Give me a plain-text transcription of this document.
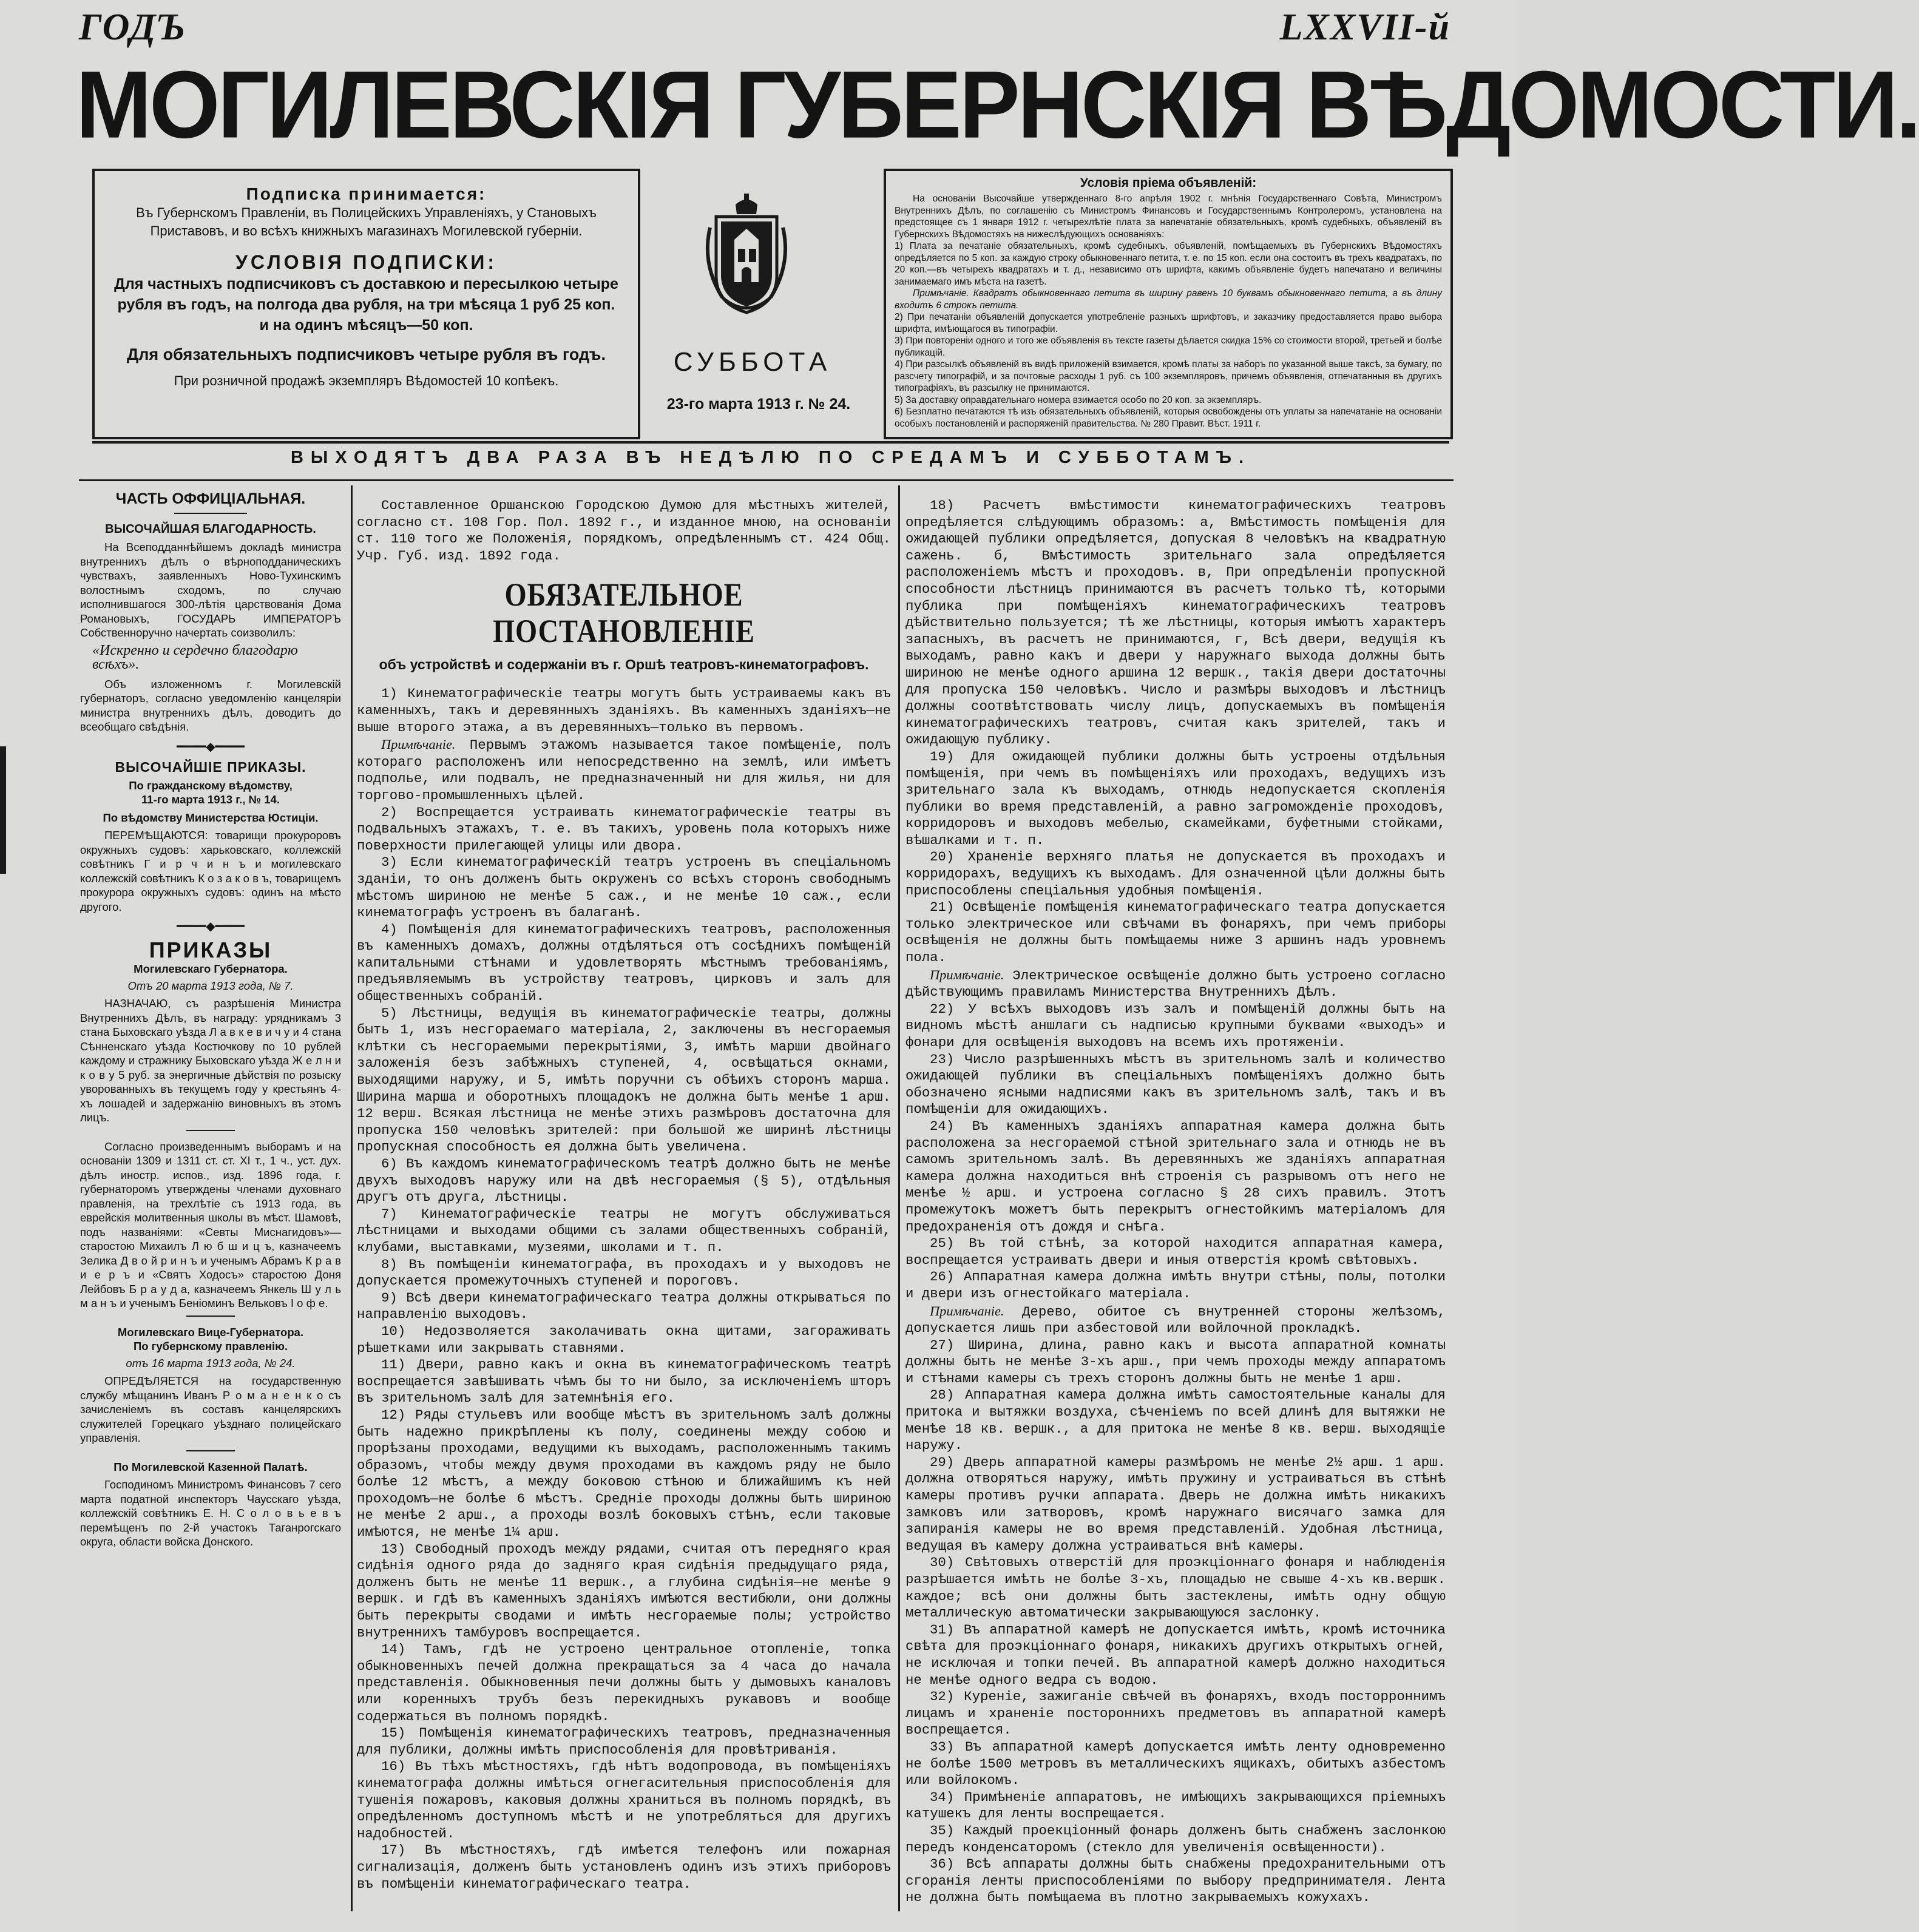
ГОДЪ	LXXVII-й
МОГИЛЕВСКІЯ ГУБЕРНСКІЯ ВѢДОМОСТИ.

Подписка принимается:

Въ Губернскомъ Правленіи, въ Полицейскихъ Управленіяхъ, у Становыхъ Приставовъ, и во всѣхъ книжныхъ магазинахъ Могилевской губерніи.

УСЛОВІЯ ПОДПИСКИ:

Для частныхъ подписчиковъ съ доставкою и пересылкою четыре рубля въ годъ, на полгода два рубля, на три мѣсяца 1 руб 25 коп. и на одинъ мѣсяцъ—50 коп.

Для обязательныхъ подписчиковъ четыре рубля въ годъ.

При розничной продажѣ экземпляръ Вѣдомостей 10 копѣекъ.

СУББОТА
23-го марта 1913 г. № 24.
Условія пріема объявленій:
На основаніи Высочайше утвержденнаго 8-го апрѣля 1902 г. мнѣнія Государственнаго Совѣта, Министромъ Внутреннихъ Дѣлъ, по соглашенію съ Министромъ Финансовъ и Государственнымъ Контролеромъ, установлена на предстоящее съ 1 января 1912 г. четырехлѣтіе плата за напечатаніе обязательныхъ, кромѣ судебныхъ, объявленій въ Губернскихъ Вѣдомостяхъ на нижеслѣдующихъ основаніяхъ:
1) Плата за печатаніе обязательныхъ, кромѣ судебныхъ, объявленій, помѣщаемыхъ въ Губернскихъ Вѣдомостяхъ опредѣляется по 5 коп. за каждую строку обыкновеннаго петита, т. е. по 15 коп. если она состоитъ въ трехъ квадратахъ, по 20 коп.—въ четырехъ квадратахъ и т. д., независимо отъ шрифта, какимъ объявленіе будетъ напечатано и величины занимаемаго имъ мѣста на газетѣ.
Примѣчаніе. Квадратъ обыкновеннаго петита въ ширину равенъ 10 буквамъ обыкновеннаго петита, а въ длину входитъ 6 строкъ петита.
2) При печатаніи объявленій допускается употребленіе разныхъ шрифтовъ, и заказчику предоставляется право выбора шрифта, имѣющагося въ типографіи.
3) При повтореніи одного и того же объявленія въ тексте газеты дѣлается скидка 15% со стоимости второй, третьей и болѣе публикацій.
4) При разсылкѣ объявленій въ видѣ приложеній взимается, кромѣ платы за наборъ по указанной выше таксѣ, за бумагу, по разсчету типографій, и за почтовые расходы 1 руб. съ 100 экземпляровъ, причемъ объявленія, отпечатанныя въ другихъ типографіяхъ, въ разсылку не принимаются.
5) За доставку оправдательнаго номера взимается особо по 20 коп. за экземпляръ.
6) Безплатно печатаются тѣ изъ обязательныхъ объявленій, которыя освобождены отъ уплаты за напечатаніе на основаніи особыхъ постановленій и распоряженій правительства. № 280 Правит. Вѣст. 1911 г.
ВЫХОДЯТЪ ДВА РАЗА ВЪ НЕДѢЛЮ ПО СРЕДАМЪ И СУББОТАМЪ.

ЧАСТЬ ОФФИЦІАЛЬНАЯ.

ВЫСОЧАЙШАЯ БЛАГОДАРНОСТЬ.

На Всеподданнѣйшемъ докладѣ министра внутреннихъ дѣлъ о вѣрноподданическихъ чувствахъ, заявленныхъ Ново-Тухинскимъ волостнымъ сходомъ, по случаю исполнившагося 300-лѣтія царствованія Дома Романовыхъ, ГОСУДАРЬ ИМПЕРАТОРЪ Собственноручно начертать соизволилъ:

«Искренно и сердечно благодарю всѣхъ».

Объ изложенномъ г. Могилевскій губернаторъ, согласно уведомленію канцеляріи министра внутреннихъ дѣлъ, доводитъ до всеобщаго свѣдѣнія.

━━━━◆━━━━

ВЫСОЧАЙШІЕ ПРИКАЗЫ.

По гражданскому вѣдомству,

11-го марта 1913 г., № 14.

По вѣдомству Министерства Юстиціи.

ПЕРЕМѢЩАЮТСЯ: товарищи прокуроровъ окружныхъ судовъ: харьковскаго, коллежскій совѣтникъ Г и р ч и н ъ и могилевскаго коллежскій совѣтникъ К о з а к о в ъ, товарищемъ прокурора окружныхъ судовъ: одинъ на мѣсто другого.

━━━━◆━━━━

ПРИКАЗЫ

Могилевскаго Губернатора.

Отъ 20 марта 1913 года, № 7.

НАЗНАЧАЮ, съ разрѣшенія Министра Внутреннихъ Дѣлъ, въ награду: урядникамъ 3 стана Быховскаго уѣзда Л а в к е в и ч у и 4 стана Сѣнненскаго уѣзда Костючкову по 10 рублей каждому и стражнику Быховскаго уѣзда Ж е л н и к о в у 5 руб. за энергичные дѣйствія по розыску уворованныхъ въ текущемъ году у крестьянъ 4-хъ лошадей и задержанію виновныхъ въ этомъ лицъ.

Согласно произведеннымъ выборамъ и на основаніи 1309 и 1311 ст. ст. XI т., 1 ч., уст. дух. дѣлъ иностр. испов., изд. 1896 года, г. губернаторомъ утверждены членами духовнаго правленія, на трехлѣтіе съ 1913 года, въ еврейскія молитвенныя школы въ мѣст. Шамовѣ, подъ названіями: «Севты Миснагидовъ»—старостою Михаилъ Л ю б ш и ц ъ, казначеемъ Зелика Д в о й р и н ъ и ученымъ Абрамъ К р а в и е р ъ и «Святъ Ходосъ» старостою Доня Лейбовъ Б р а у д а, казначеемъ Янкель Ш у л ь м а н ъ и ученымъ Беніоминъ Вельковъ I о ф е.

Могилевскаго Вице-Губернатора.

По губернскому правленію.

отъ 16 марта 1913 года, № 24.

ОПРЕДѢЛЯЕТСЯ на государственную службу мѣщанинъ Иванъ Р о м а н е н к о съ зачисленіемъ въ составъ канцелярскихъ служителей Горецкаго уѣзднаго полицейскаго управленія.

По Могилевской Казенной Палатѣ.

Господиномъ Министромъ Финансовъ 7 сего марта податной инспекторъ Чаусскаго уѣзда, коллежскій совѣтникъ Е. Н. С о л о в ь е в ъ перемѣщенъ по 2-й участокъ Таганрогскаго округа, области войска Донского.

Составленное Оршанскою Городскою Думою для мѣстныхъ жителей, согласно ст. 108 Гор. Пол. 1892 г., и изданное мною, на основаніи ст. 110 того же Положенія, порядкомъ, опредѣленнымъ ст. 424 Общ. Учр. Губ. изд. 1892 года.

ОБЯЗАТЕЛЬНОЕ ПОСТАНОВЛЕНІЕ

объ устройствѣ и содержаніи въ г. Оршѣ театровъ-кинематографовъ.

1) Кинематографическіе театры могутъ быть устраиваемы какъ въ каменныхъ, такъ и деревянныхъ зданіяхъ. Въ каменныхъ зданіяхъ—не выше второго этажа, а въ деревянныхъ—только въ первомъ.

Примѣчаніе. Первымъ этажомъ называется такое помѣщеніе, полъ котораго расположенъ или непосредственно на землѣ, или имѣетъ подполье, или подвалъ, не предназначенный ни для жилья, ни для торгово-промышленныхъ цѣлей.

2) Воспрещается устраивать кинематографическіе театры въ подвальныхъ этажахъ, т. е. въ такихъ, уровень пола которыхъ ниже поверхности прилегающей улицы или двора.

3) Если кинематографическій театръ устроенъ въ спеціальномъ зданіи, то онъ долженъ быть окруженъ со всѣхъ сторонъ свободнымъ мѣстомъ шириною не менѣе 5 саж., и не менѣе 10 саж., если кинематографъ устроенъ въ балаганѣ.

4) Помѣщенія для кинематографическихъ театровъ, расположенныя въ каменныхъ домахъ, должны отдѣляться отъ сосѣднихъ помѣщеній капитальными стѣнами и удовлетворять мѣстнымъ требованіямъ, предъявляемымъ въ устройству театровъ, цирковъ и залъ для общественныхъ собраній.

5) Лѣстницы, ведущія въ кинематографическіе театры, должны быть 1, изъ несгораемаго матеріала, 2, заключены въ несгораемыя клѣтки съ несгораемыми перекрытіями, 3, имѣть марши двойнаго заложенія безъ забѣжныхъ ступеней, 4, освѣщаться окнами, выходящими наружу, и 5, имѣть поручни съ обѣихъ сторонъ марша. Ширина марша и оборотныхъ площадокъ не должна быть менѣе 1 арш. 12 верш. Всякая лѣстница не менѣе этихъ размѣровъ достаточна для пропуска 150 человѣкъ зрителей: при большой же ширинѣ лѣстницы пропускная способность ея должна быть увеличена.

6) Въ каждомъ кинематографическомъ театрѣ должно быть не менѣе двухъ выходовъ наружу или на двѣ несгораемыя (§ 5), отдѣльныя другъ отъ друга, лѣстницы.

7) Кинематографическіе театры не могутъ обслуживаться лѣстницами и выходами общими съ залами общественныхъ собраній, клубами, выставками, музеями, школами и т. п.

8) Въ помѣщеніи кинематографа, въ проходахъ и у выходовъ не допускается промежуточныхъ ступеней и пороговъ.

9) Всѣ двери кинематографическаго театра должны открываться по направленію выходовъ.

10) Недозволяется заколачивать окна щитами, загораживать рѣшетками или закрывать ставнями.

11) Двери, равно какъ и окна въ кинематографическомъ театрѣ воспрещается завѣшивать чѣмъ бы то ни было, за исключеніемъ шторъ въ зрительномъ залѣ для затемнѣнія его.

12) Ряды стульевъ или вообще мѣстъ въ зрительномъ залѣ должны быть надежно прикрѣплены къ полу, соединены между собою и прорѣзаны проходами, ведущими къ выходамъ, расположеннымъ такимъ образомъ, чтобы между двумя проходами въ каждомъ ряду не было болѣе 12 мѣстъ, а между боковою стѣною и ближайшимъ къ ней проходомъ—не болѣе 6 мѣстъ. Среднiе проходы должны быть шириною не менѣе 2 арш., а проходы возлѣ боковыхъ стѣнъ, если таковые имѣются, не менѣе 1¼ арш.

13) Свободный проходъ между рядами, считая отъ передняго края сидѣнія одного ряда до задняго края сидѣнія предыдущаго ряда, долженъ быть не менѣе 11 вершк., а глубина сидѣнія—не менѣе 9 вершк. и гдѣ въ каменныхъ зданіяхъ имѣются вестибюли, они должны быть перекрыты сводами и имѣть несгораемые полы; устройство внутреннихъ тамбуровъ воспрещается.

14) Тамъ, гдѣ не устроено центральное отопленіе, топка обыкновенныхъ печей должна прекращаться за 4 часа до начала представленія. Обыкновенныя печи должны быть у дымовыхъ каналовъ или коренныхъ трубъ безъ перекидныхъ рукавовъ и вообще содержаться въ полномъ порядкѣ.

15) Помѣщенія кинематографическихъ театровъ, предназначенныя для публики, должны имѣть приспособленія для провѣтриванія.

16) Въ тѣхъ мѣстностяхъ, гдѣ нѣтъ водопровода, въ помѣщеніяхъ кинематографа должны имѣться огнегасительныя приспособленія для тушенія пожаровъ, каковыя должны храниться въ полномъ порядкѣ, въ опредѣленномъ доступномъ мѣстѣ и не употребляться для другихъ надобностей.

17) Въ мѣстностяхъ, гдѣ имѣется телефонъ или пожарная сигнализація, долженъ быть установленъ одинъ изъ этихъ приборовъ въ помѣщеніи кинематографическаго театра.

18) Расчетъ вмѣстимости кинематографическихъ театровъ опредѣляется слѣдующимъ образомъ: а, Вмѣстимость помѣщенія для ожидающей публики опредѣляется, допуская 8 человѣкъ на квадратную сажень. б, Вмѣстимость зрительнаго зала опредѣляется расположеніемъ мѣстъ и проходовъ. в, При опредѣленіи пропускной способности лѣстницъ принимаются въ расчетъ только тѣ, которыми публика при помѣщеніяхъ кинематографическихъ театровъ дѣйствительно пользуется; тѣ же лѣстницы, которыя имѣютъ характеръ запасныхъ, въ расчетъ не принимаются, г, Всѣ двери, ведущія къ выходамъ, равно какъ и двери у наружнаго выхода должны быть шириною не менѣе одного аршина 12 вершк., такія двери достаточны для пропуска 150 человѣкъ. Число и размѣры выходовъ и лѣстницъ должны соотвѣтствовать числу лицъ, допускаемыхъ въ помѣщенія кинематографическихъ театровъ, считая какъ зрителей, такъ и ожидающую публику.

19) Для ожидающей публики должны быть устроены отдѣльныя помѣщенія, при чемъ въ помѣщеніяхъ или проходахъ, ведущихъ изъ зрительнаго зала къ выходамъ, отнюдь недопускается скопленія публики во время представленій, а равно загроможденіе проходовъ, корридоровъ и выходовъ мебелью, скамейками, буфетными стойками, вѣшалками и т. п.

20) Храненіе верхняго платья не допускается въ проходахъ и корридорахъ, ведущихъ къ выходамъ. Для означенной цѣли должны быть приспособлены спеціальныя удобныя помѣщенія.

21) Освѣщеніе помѣщенія кинематографическаго театра допускается только электрическое или свѣчами въ фонаряхъ, при чемъ приборы освѣщенія не должны быть помѣщаемы ниже 3 аршинъ надъ уровнемъ пола.

Примѣчаніе. Электрическое освѣщеніе должно быть устроено согласно дѣйствующимъ правиламъ Министерства Внутреннихъ Дѣлъ.

22) У всѣхъ выходовъ изъ залъ и помѣщеній должны быть на видномъ мѣстѣ аншлаги съ надписью крупными буквами «выходъ» и фонари для освѣщенія выходовъ на всемъ ихъ протяженіи.

23) Число разрѣшенныхъ мѣстъ въ зрительномъ залѣ и количество ожидающей публики въ спеціальныхъ помѣщеніяхъ должно быть обозначено ясными надписями какъ въ зрительномъ залѣ, такъ и въ помѣщеніи для ожидающихъ.

24) Въ каменныхъ зданіяхъ аппаратная камера должна быть расположена за несгораемой стѣной зрительнаго зала и отнюдь не въ самомъ зрительномъ залѣ. Въ деревянныхъ же зданіяхъ аппаратная камера должна находиться внѣ строенія съ разрывомъ отъ него не менѣе ½ арш. и устроена согласно § 28 сихъ правилъ. Этотъ промежутокъ можетъ быть перекрытъ огнестойкимъ матеріаломъ для предохраненія отъ дождя и снѣга.

25) Въ той стѣнѣ, за которой находится аппаратная камера, воспрещается устраивать двери и иныя отверстія кромѣ свѣтовыхъ.

26) Аппаратная камера должна имѣть внутри стѣны, полы, потолки и двери изъ огнестойкаго матеріала.

Примѣчаніе. Дерево, обитое съ внутренней стороны желѣзомъ, допускается лишь при азбестовой или войлочной прокладкѣ.

27) Ширина, длина, равно какъ и высота аппаратной комнаты должны быть не менѣе 3-хъ арш., при чемъ проходы между аппаратомъ и стѣнами камеры съ трехъ сторонъ должны быть не менѣе 1 арш.

28) Аппаратная камера должна имѣть самостоятельные каналы для притока и вытяжки воздуха, сѣченіемъ по всей длинѣ для вытяжки не менѣе 18 кв. вершк., а для притока не менѣе 8 кв. верш. выходящіе наружу.

29) Дверь аппаратной камеры размѣромъ не менѣе 2½ арш. 1 арш. должна отворяться наружу, имѣть пружину и устраиваться въ стѣнѣ камеры противъ ручки аппарата. Дверь не должна имѣть никакихъ замковъ или затворовъ, кромѣ наружнаго висячаго замка для запиранія камеры не во время представленій. Удобная лѣстница, ведущая въ камеру должна устраиваться внѣ камеры.

30) Свѣтовыхъ отверстій для проэкціоннаго фонаря и наблюденія разрѣшается имѣть не болѣе 3-хъ, площадью не свыше 4-хъ кв.вершк. каждое; всѣ они должны быть застеклены, имѣть одну общую металлическую автоматически закрывающуюся заслонку.

31) Въ аппаратной камерѣ не допускается имѣть, кромѣ источника свѣта для проэкціоннаго фонаря, никакихъ другихъ открытыхъ огней, не исключая и топки печей. Въ аппаратной камерѣ должно находиться не менѣе одного ведра съ водою.

32) Куреніе, зажиганіе свѣчей въ фонаряхъ, входъ посторроннимъ лицамъ и храненіе постороннихъ предметовъ въ аппаратной камерѣ воспрещается.

33) Въ аппаратной камерѣ допускается имѣть ленту одновременно не болѣе 1500 метровъ въ металлическихъ ящикахъ, обитыхъ азбестомъ или войлокомъ.

34) Примѣненіе аппаратовъ, не имѣющихъ закрывающихся пріемныхъ катушекъ для ленты воспрещается.

35) Каждый проекціонный фонарь долженъ быть снабженъ заслонкою передъ конденсаторомъ (стекло для увеличенія освѣщенности).

36) Всѣ аппараты должны быть снабжены предохранительными отъ сгоранія ленты приспособленіями по выбору предпринимателя. Лента не должна быть помѣщаема въ плотно закрываемыхъ кожухахъ.
